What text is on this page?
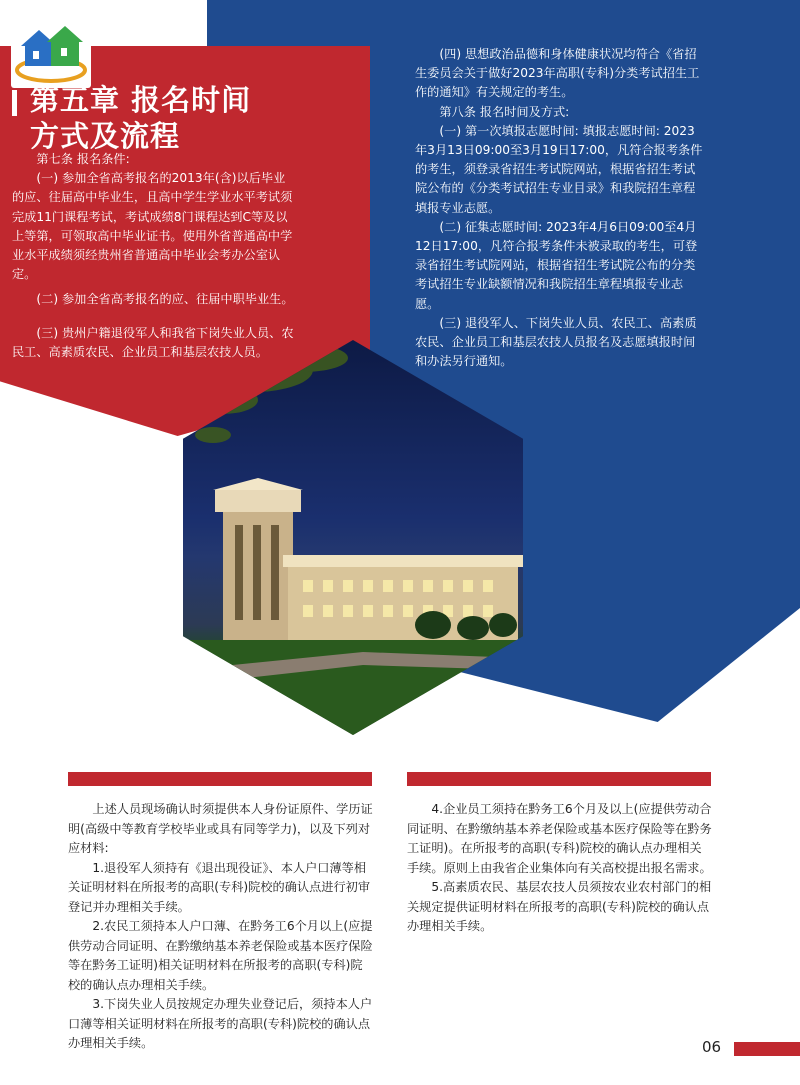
第五章 报名时间
方式及流程

第七条 报名条件:

(一) 参加全省高考报名的2013年(含)以后毕业的应、往届高中毕业生，且高中学生学业水平考试须完成11门课程考试，考试成绩8门课程达到C等及以上等第，可领取高中毕业证书。使用外省普通高中学业水平成绩须经贵州省普通高中毕业会考办公室认定。

(二) 参加全省高考报名的应、往届中职毕业生。

(三) 贵州户籍退役军人和我省下岗失业人员、农民工、高素质农民、企业员工和基层农技人员。

(四) 思想政治品德和身体健康状况均符合《省招生委员会关于做好2023年高职(专科)分类考试招生工作的通知》有关规定的考生。

第八条 报名时间及方式:

(一) 第一次填报志愿时间: 填报志愿时间: 2023年3月13日09:00至3月19日17:00，凡符合报考条件的考生，须登录省招生考试院网站，根据省招生考试院公布的《分类考试招生专业目录》和我院招生章程填报专业志愿。

(二) 征集志愿时间: 2023年4月6日09:00至4月12日17:00，凡符合报考条件未被录取的考生，可登录省招生考试院网站，根据省招生考试院公布的分类考试招生专业缺额情况和我院招生章程填报专业志愿。

(三) 退役军人、下岗失业人员、农民工、高素质农民、企业员工和基层农技人员报名及志愿填报时间和办法另行通知。

上述人员现场确认时须提供本人身份证原件、学历证明(高级中等教育学校毕业或具有同等学力)，以及下列对应材料:

1.退役军人须持有《退出现役证》、本人户口薄等相关证明材料在所报考的高职(专科)院校的确认点进行初审登记并办理相关手续。

2.农民工须持本人户口薄、在黔务工6个月以上(应提供劳动合同证明、在黔缴纳基本养老保险或基本医疗保险等在黔务工证明)相关证明材料在所报考的高职(专科)院校的确认点办理相关手续。

3.下岗失业人员按规定办理失业登记后，须持本人户口薄等相关证明材料在所报考的高职(专科)院校的确认点办理相关手续。

4.企业员工须持在黔务工6个月及以上(应提供劳动合同证明、在黔缴纳基本养老保险或基本医疗保险等在黔务工证明)。在所报考的高职(专科)院校的确认点办理相关手续。原则上由我省企业集体向有关高校提出报名需求。

5.高素质农民、基层农技人员须按农业农村部门的相关规定提供证明材料在所报考的高职(专科)院校的确认点办理相关手续。

06
